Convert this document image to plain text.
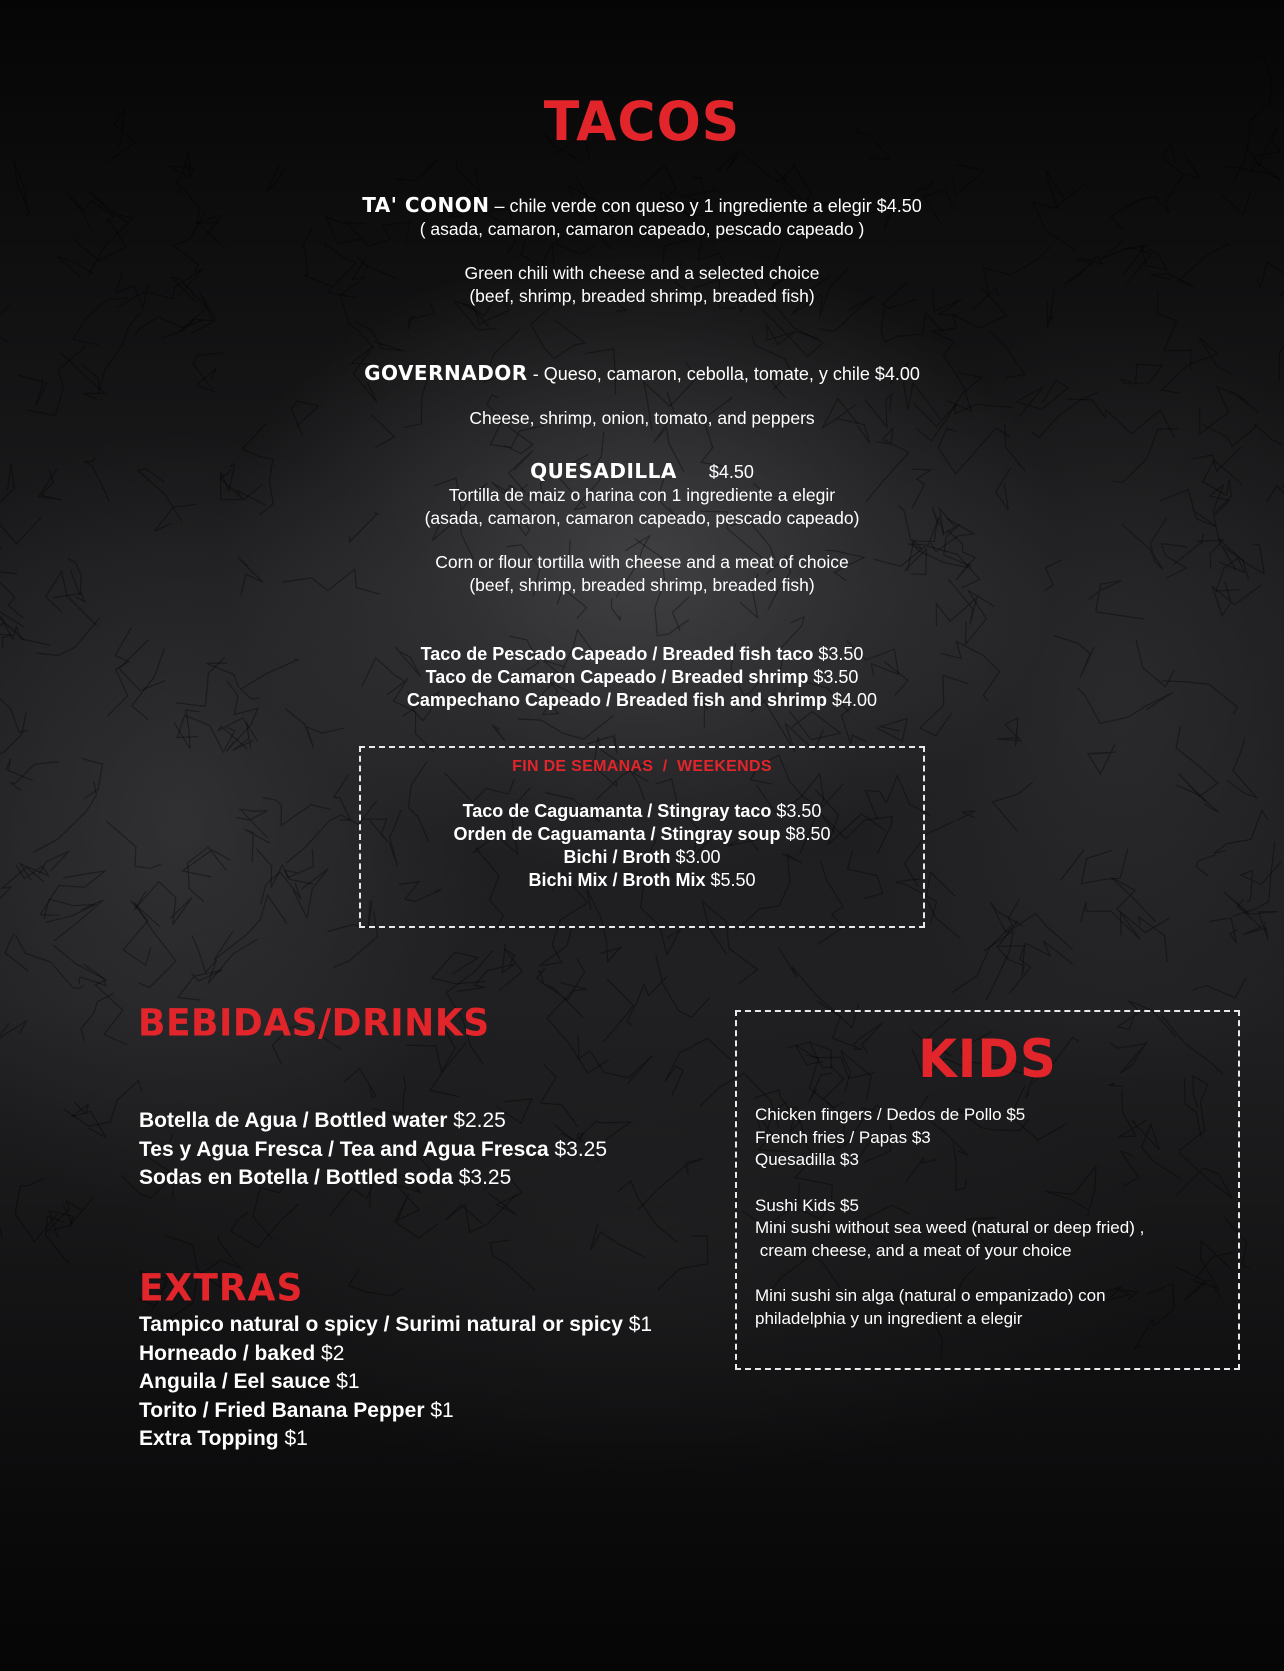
TACOS
TA' CONON – chile verde con queso y 1 ingrediente a elegir $4.50
( asada, camaron, camaron capeado, pescado capeado )
Green chili with cheese and a selected choice
(beef, shrimp, breaded shrimp, breaded fish)
GOVERNADOR - Queso, camaron, cebolla, tomate, y chile $4.00
Cheese, shrimp, onion, tomato, and peppers
QUESADILLA $4.50
Tortilla de maiz o harina con 1 ingrediente a elegir
(asada, camaron, camaron capeado, pescado capeado)
Corn or flour tortilla with cheese and a meat of choice
(beef, shrimp, breaded shrimp, breaded fish)
Taco de Pescado Capeado / Breaded fish taco $3.50
Taco de Camaron Capeado / Breaded shrimp $3.50
Campechano Capeado / Breaded fish and shrimp $4.00
FIN DE SEMANAS  /  WEEKENDS
Taco de Caguamanta / Stingray taco $3.50
Orden de Caguamanta / Stingray soup $8.50
Bichi / Broth $3.00
Bichi Mix / Broth Mix $5.50
BEBIDAS/DRINKS
Botella de Agua / Bottled water $2.25
Tes y Agua Fresca / Tea and Agua Fresca $3.25
Sodas en Botella / Bottled soda $3.25
EXTRAS
Tampico natural o spicy / Surimi natural or spicy $1
Horneado / baked $2
Anguila / Eel sauce $1
Torito / Fried Banana Pepper $1
Extra Topping $1
KIDS
Chicken fingers / Dedos de Pollo $5
French fries / Papas $3
Quesadilla $3
Sushi Kids $5
Mini sushi without sea weed (natural or deep fried) ,
cream cheese, and a meat of your choice
Mini sushi sin alga (natural o empanizado) con
philadelphia y un ingredient a elegir
